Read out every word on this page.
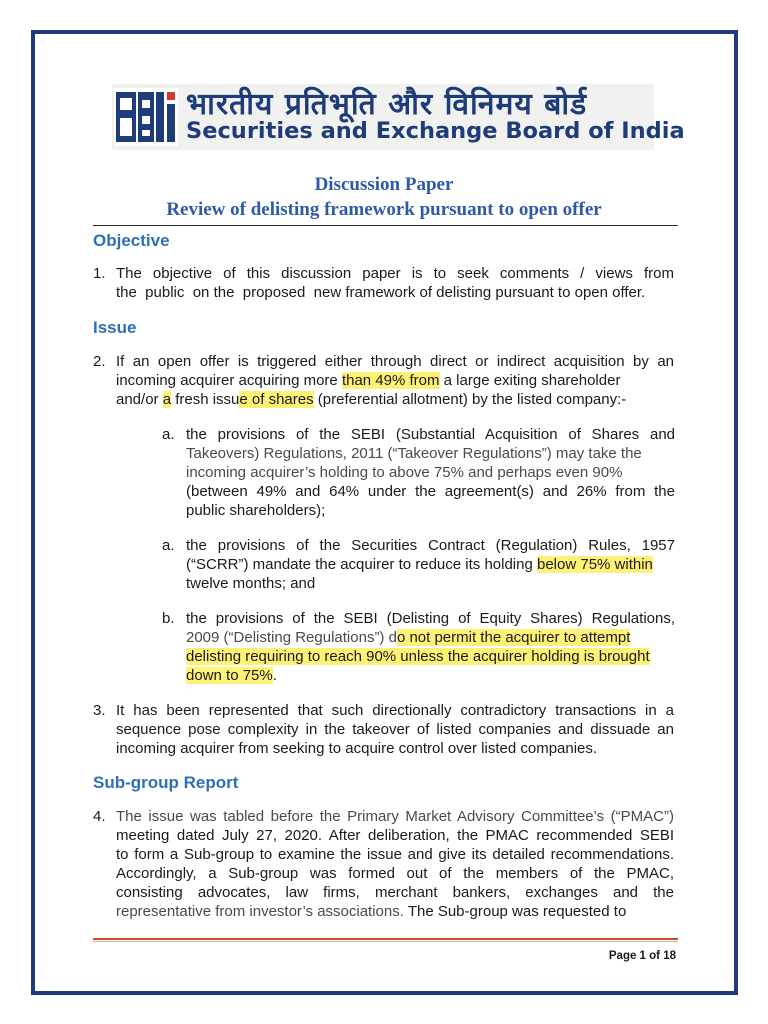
भारतीय प्रतिभूति और विनिमय बोर्ड
Securities and Exchange Board of India
Discussion Paper
Review of delisting framework pursuant to open offer
Objective
1. The objective of this discussion paper is to seek comments / views from
the  public  on the  proposed  new framework of delisting pursuant to open offer.
Issue
2. If an open offer is triggered either through direct or indirect acquisition by an
incoming acquirer acquiring more than 49% from a large exiting shareholder
and/or a fresh issue of shares (preferential allotment) by the listed company:-
a. the provisions of the SEBI (Substantial Acquisition of Shares and
Takeovers) Regulations, 2011 (“Takeover Regulations”) may take the
incoming acquirer’s holding to above 75% and perhaps even 90%
(between 49% and 64% under the agreement(s) and 26% from the
public shareholders);
a. the provisions of the Securities Contract (Regulation) Rules, 1957
(“SCRR”) mandate the acquirer to reduce its holding below 75% within
twelve months; and
b. the provisions of the SEBI (Delisting of Equity Shares) Regulations,
2009 (“Delisting Regulations”) do not permit the acquirer to attempt
delisting requiring to reach 90% unless the acquirer holding is brought
down to 75%.
3. It has been represented that such directionally contradictory transactions in a
sequence pose complexity in the takeover of listed companies and dissuade an
incoming acquirer from seeking to acquire control over listed companies.
Sub-group Report
4. The issue was tabled before the Primary Market Advisory Committee’s (“PMAC”)
meeting dated July 27, 2020. After deliberation, the PMAC recommended SEBI
to form a Sub-group to examine the issue and give its detailed recommendations.
Accordingly, a Sub-group was formed out of the members of the PMAC,
consisting advocates, law firms, merchant bankers, exchanges and the
representative from investor’s associations. The Sub-group was requested to
Page 1 of 18
